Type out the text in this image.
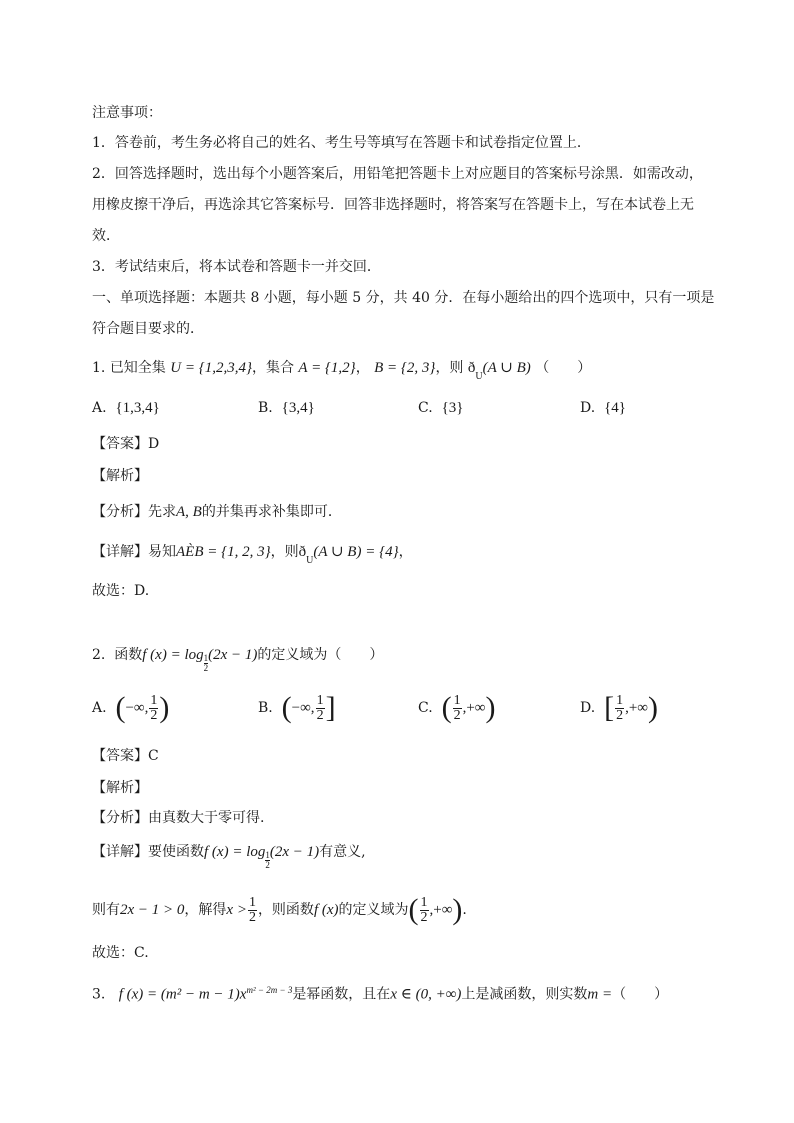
注意事项：
1．答卷前，考生务必将自己的姓名、考生号等填写在答题卡和试卷指定位置上．
2．回答选择题时，选出每个小题答案后，用铅笔把答题卡上对应题目的答案标号涂黑．如需改动，
用橡皮擦干净后，再选涂其它答案标号．回答非选择题时，将答案写在答题卡上，写在本试卷上无
效．
3．考试结束后，将本试卷和答题卡一并交回．
一、单项选择题：本题共 8 小题，每小题 5 分，共 40 分．在每小题给出的四个选项中，只有一项是
符合题目要求的．
1. 已知全集 U = {1,2,3,4}，集合 A = {1,2}， B = {2, 3}，则 $ð_U(A$ ∪ B) （　　）
A. {1,3,4}	B. {3,4}	C. {3}	D. {4}
【答案】D
【解析】
【分析】先求A, B的并集再求补集即可．
【详解】易知AÈB = {1, 2, 3}，则$ð_U(A$ ∪ B) = {4}，
故选：D.
2. 函数f $(x) = \log \frac{1}{2} (2x - 1)$的定义域为（　　）
A. (−∞, $\frac{1}{2}$ )	B. (−∞, $\frac{1}{2}$ ]	C. ( $\frac{1}{2}$ ,+∞)	D. [ $\frac{1}{2}$ ,+∞)
【答案】C
【解析】
【分析】由真数大于零可得.
【详解】要使函数f $(x) = \log \frac{1}{2} (2x - 1)$有意义,
则有2x − 1 > 0，解得$x > \frac{1}{2}$ ，则函数f (x)的定义域为( $\frac{1}{2}$ ,+∞).
故选：C.
3. f $(x) = (m^2 - m - 1)x^{m^2 - 2m - 3}$是幂函数，且在x ∈ (0, +∞)上是减函数，则实数m =（　　）
